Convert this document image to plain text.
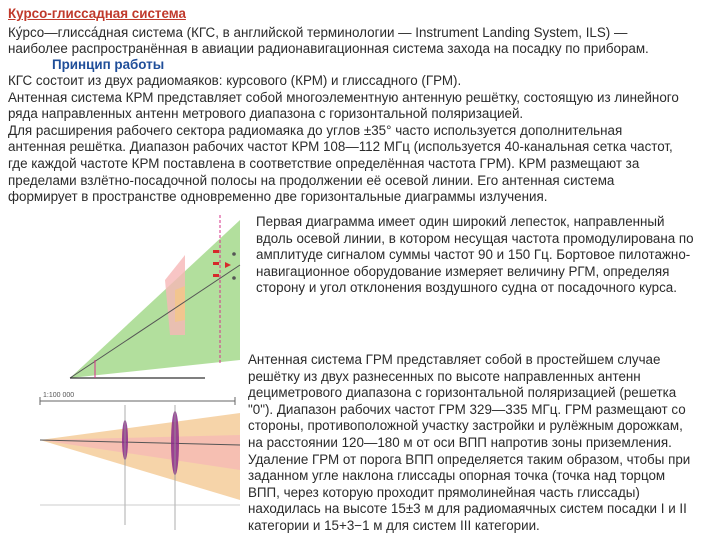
Курсо-глиссадная система
Ку́рсо—глисса́дная система (КГС, в английской терминологии — Instrument Landing System, ILS) —
наиболее распространённая в авиации радионавигационная система захода на посадку по приборам.
Принцип работы
КГС состоит из двух радиомаяков: курсового (КРМ) и глиссадного (ГРМ).
Антенная система КРМ представляет собой многоэлементную антенную решётку, состоящую из линейного
ряда направленных антенн метрового диапазона с горизонтальной поляризацией.
Для расширения рабочего сектора радиомаяка до углов ±35° часто используется дополнительная
антенная решётка. Диапазон рабочих частот КРМ 108—112 МГц (используется 40-канальная сетка частот,
где каждой частоте КРМ поставлена в соответствие определённая частота ГРМ). КРМ размещают за
пределами взлётно-посадочной полосы на продолжении её осевой линии. Его антенная система
формирует в пространстве одновременно две горизонтальные диаграммы излучения.
Первая диаграмма имеет один широкий лепесток, направленный
вдоль осевой линии, в котором несущая частота промодулирована по
амплитуде сигналом суммы частот 90 и 150 Гц. Бортовое пилотажно-
навигационное оборудование измеряет величину РГМ, определяя
сторону и угол отклонения воздушного судна от посадочного курса.
1:100 000
Антенная система ГРМ представляет собой в простейшем случае
решётку из двух разнесенных по высоте направленных антенн
дециметрового диапазона с горизонтальной поляризацией (решетка
"0"). Диапазон рабочих частот ГРМ 329—335 МГц. ГРМ размещают со
стороны, противоположной участку застройки и рулёжным дорожкам,
на расстоянии 120—180 м от оси ВПП напротив зоны приземления.
Удаление ГРМ от порога ВПП определяется таким образом, чтобы при
заданном угле наклона глиссады опорная точка (точка над торцом
ВПП, через которую проходит прямолинейная часть глиссады)
находилась на высоте 15±3 м для радиомаячных систем посадки I и II
категории и 15+3−1 м для систем III категории.
